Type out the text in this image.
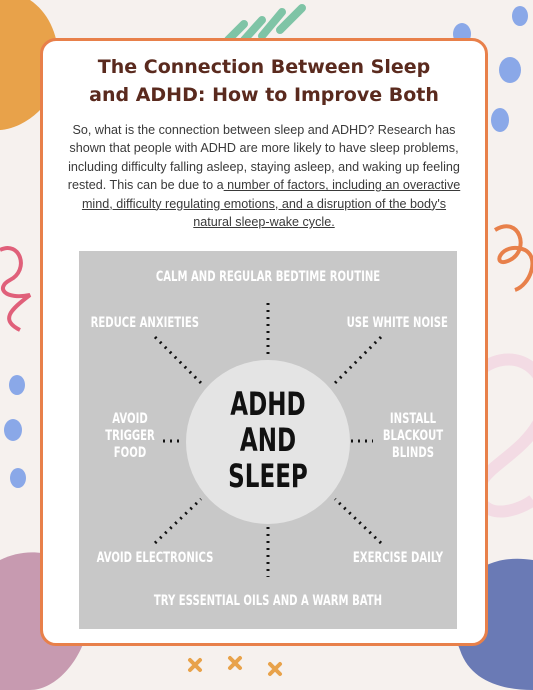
The Connection Between Sleep
and ADHD: How to Improve Both
So, what is the connection between sleep and ADHD? Research has shown that people with ADHD are more likely to have sleep problems, including difficulty falling asleep, staying asleep, and waking up feeling rested. This can be due to a number of factors, including an overactive mind, difficulty regulating emotions, and a disruption of the body's natural sleep-wake cycle.
CALM AND REGULAR BEDTIME ROUTINE
REDUCE ANXIETIES	USE WHITE NOISE
AVOID
TRIGGER
FOOD
INSTALL
BLACKOUT
BLINDS
AVOID ELECTRONICS	EXERCISE DAILY
TRY ESSENTIAL OILS AND A WARM BATH
ADHD
AND
SLEEP
